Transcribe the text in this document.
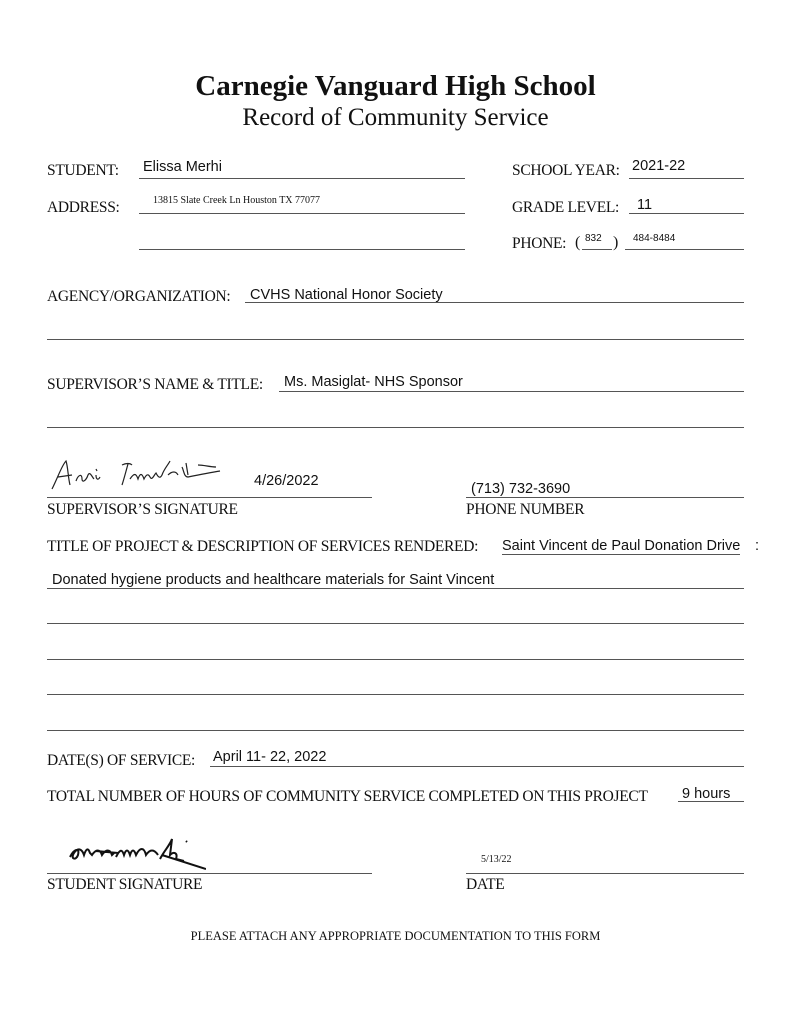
Carnegie Vanguard High School
Record of Community Service
STUDENT: Elissa Merhi
ADDRESS:	13815 Slate Creek Ln Houston TX 77077
SCHOOL YEAR: 2021-22
GRADE LEVEL: 11
PHONE: ( 832 ) 484-8484
AGENCY/ORGANIZATION: CVHS National Honor Society
SUPERVISOR’S NAME & TITLE: Ms. Masiglat- NHS Sponsor
4/26/2022
SUPERVISOR’S SIGNATURE
(713) 732-3690
PHONE NUMBER
TITLE OF PROJECT & DESCRIPTION OF SERVICES RENDERED: Saint Vincent de Paul Donation Drive :
Donated hygiene products and healthcare materials for Saint Vincent
DATE(S) OF SERVICE: April 11- 22, 2022
TOTAL NUMBER OF HOURS OF COMMUNITY SERVICE COMPLETED ON THIS PROJECT 9 hours
STUDENT SIGNATURE
5/13/22
DATE
PLEASE ATTACH ANY APPROPRIATE DOCUMENTATION TO THIS FORM
